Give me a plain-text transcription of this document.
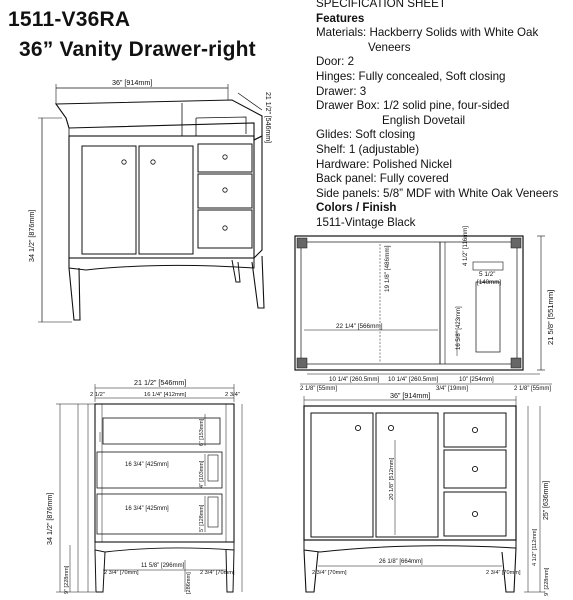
1511-V36RA
36” Vanity Drawer-right
SPECIFICATION SHEET
Features
Materials: Hackberry Solids with White Oak
Veneers
Door: 2
Hinges: Fully concealed, Soft closing
Drawer: 3
Drawer Box: 1/2 solid pine, four-sided
English Dovetail
Glides: Soft closing
Shelf: 1 (adjustable)
Hardware: Polished Nickel
Back panel: Fully covered
Side panels: 5/8” MDF with White Oak Veneers
Colors / Finish
1511-Vintage Black
36” [914mm]
21 1/2” [546mm]
34 1/2” [876mm]
19 1/8” [486mm]
22 1/4” [566mm]
5 1/2”
[140mm]
4 1/2” [116mm]
16 5/8” [423mm]	21 5/8” [551mm]
10 1/4” [260.5mm] 10 1/4” [260.5mm]	10” [254mm]
2 1/8” [55mm]	3/4” [19mm]	2 1/8” [55mm]
21 1/2” [546mm]
2 1/2”	16 1/4” [412mm]	2 3/4”
16 3/4” [425mm]
16 3/4” [425mm]
34 1/2” [876mm]
6” [153mm]
4” [103mm]
5” [128mm]
11 5/8” [296mm]
2 3/4” [70mm]	2 3/4” [70mm]
9” [228mm]	[286mm]
36” [914mm]
20 1/8” [512mm]
25” [636mm]
26 1/8” [664mm]
2 3/4” [70mm]	2 3/4” [70mm]
4 1/2” [112mm]
9” [228mm]
